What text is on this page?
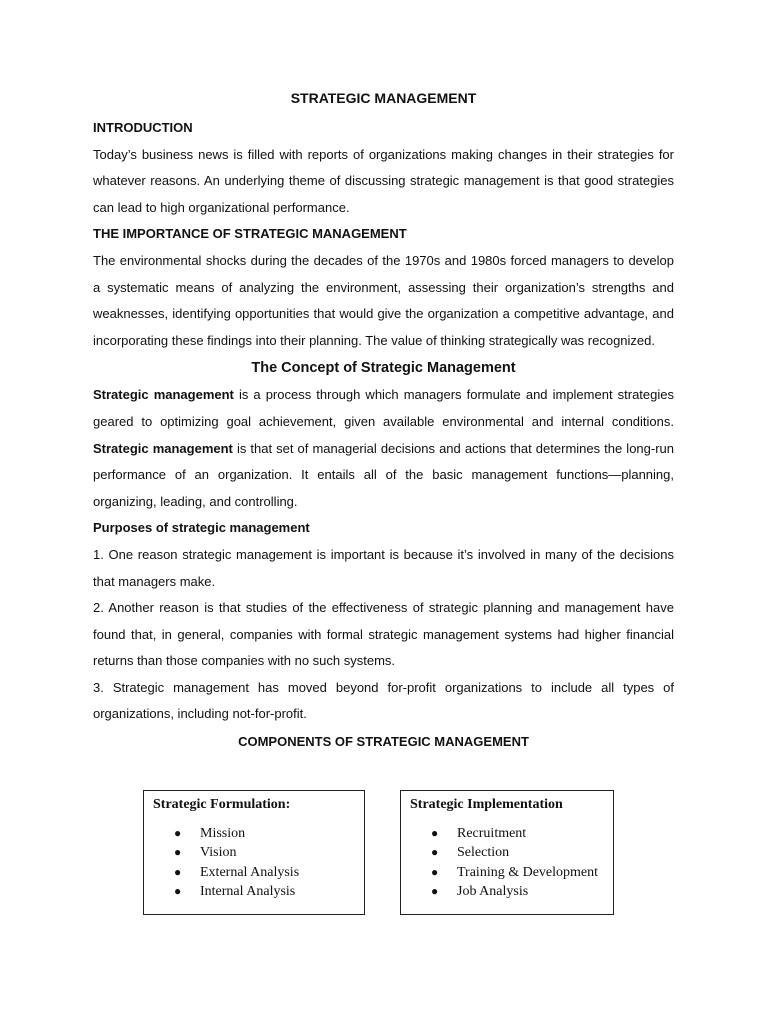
STRATEGIC MANAGEMENT

INTRODUCTION

Today’s business news is filled with reports of organizations making changes in their strategies for whatever reasons. An underlying theme of discussing strategic management is that good strategies can lead to high organizational performance.

THE IMPORTANCE OF STRATEGIC MANAGEMENT

The environmental shocks during the decades of the 1970s and 1980s forced managers to develop a systematic means of analyzing the environment, assessing their organization’s strengths and weaknesses, identifying opportunities that would give the organization a competitive advantage, and incorporating these findings into their planning. The value of thinking strategically was recognized.

The Concept of Strategic Management

Strategic management is a process through which managers formulate and implement strategies geared to optimizing goal achievement, given available environmental and internal conditions. Strategic management is that set of managerial decisions and actions that determines the long-run performance of an organization. It entails all of the basic management functions—planning, organizing, leading, and controlling.

Purposes of strategic management

1. One reason strategic management is important is because it’s involved in many of the decisions that managers make.

2. Another reason is that studies of the effectiveness of strategic planning and management have found that, in general, companies with formal strategic management systems had higher financial returns than those companies with no such systems.

3. Strategic management has moved beyond for-profit organizations to include all types of organizations, including not-for-profit.

COMPONENTS OF STRATEGIC MANAGEMENT

Strategic Formulation:
● Mission
● Vision
● External Analysis
● Internal Analysis
Strategic Implementation
● Recruitment
● Selection
● Training & Development
● Job Analysis
